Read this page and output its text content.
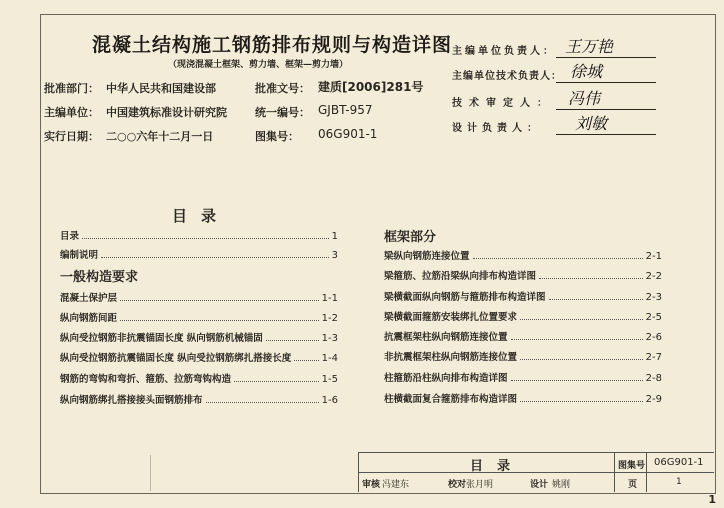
混凝土结构施工钢筋排布规则与构造详图
（现浇混凝土框架、剪力墙、框架—剪力墙）
批准部门： 中华人民共和国建设部	批准文号： 建质[2006]281号
主编单位： 中国建筑标准设计研究院	统一编号： GJBT-957
实行日期： 二○○六年十二月一日	图集号： 06G901-1
主编单位负责人： 王万艳
主编单位技术负责人： 徐城
技术审定人： 冯伟
设计负责人： 刘敏
目录
目录	1
编制说明	3
一般构造要求
混凝土保护层	1-1
纵向钢筋间距	1-2
纵向受拉钢筋非抗震锚固长度 纵向钢筋机械锚固	1-3
纵向受拉钢筋抗震锚固长度 纵向受拉钢筋绑扎搭接长度	1-4
钢筋的弯钩和弯折、箍筋、拉筋弯钩构造	1-5
纵向钢筋绑扎搭接接头面钢筋排布	1-6
框架部分
梁纵向钢筋连接位置	2-1
梁箍筋、拉筋沿梁纵向排布构造详图	2-2
梁横截面纵向钢筋与箍筋排布构造详图	2-3
梁横截面箍筋安装绑扎位置要求	2-5
抗震框架柱纵向钢筋连接位置	2-6
非抗震框架柱纵向钢筋连接位置	2-7
柱箍筋沿柱纵向排布构造详图	2-8
柱横截面复合箍筋排布构造详图	2-9
目录	图集号 06G901-1
审核 冯建东	校对 张月明	设计 姚刚	页	1
1
